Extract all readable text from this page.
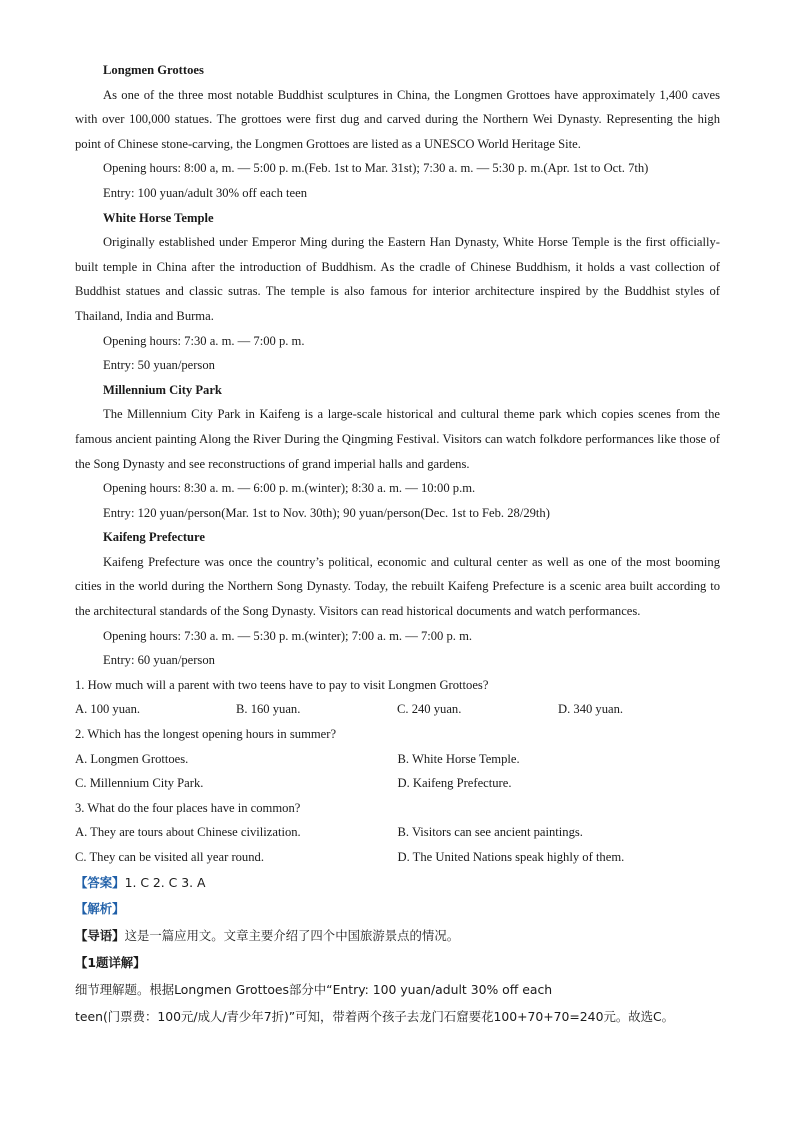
Longmen Grottoes

As one of the three most notable Buddhist sculptures in China, the Longmen Grottoes have approximately 1,400 caves with over 100,000 statues. The grottoes were first dug and carved during the Northern Wei Dynasty. Representing the high point of Chinese stone-carving, the Longmen Grottoes are listed as a UNESCO World Heritage Site.

Opening hours: 8:00 a, m. — 5:00 p. m.(Feb. 1st to Mar. 31st); 7:30 a. m. — 5:30 p. m.(Apr. 1st to Oct. 7th)

Entry: 100 yuan/adult 30% off each teen

White Horse Temple

Originally established under Emperor Ming during the Eastern Han Dynasty, White Horse Temple is the first officially-built temple in China after the introduction of Buddhism. As the cradle of Chinese Buddhism, it holds a vast collection of Buddhist statues and classic sutras. The temple is also famous for interior architecture inspired by the Buddhist styles of Thailand, India and Burma.

Opening hours: 7:30 a. m. — 7:00 p. m.

Entry: 50 yuan/person

Millennium City Park

The Millennium City Park in Kaifeng is a large-scale historical and cultural theme park which copies scenes from the famous ancient painting Along the River During the Qingming Festival. Visitors can watch folkdore performances like those of the Song Dynasty and see reconstructions of grand imperial halls and gardens.

Opening hours: 8:30 a. m. — 6:00 p. m.(winter); 8:30 a. m. — 10:00 p.m.

Entry: 120 yuan/person(Mar. 1st to Nov. 30th); 90 yuan/person(Dec. 1st to Feb. 28/29th)

Kaifeng Prefecture

Kaifeng Prefecture was once the country’s political, economic and cultural center as well as one of the most booming cities in the world during the Northern Song Dynasty. Today, the rebuilt Kaifeng Prefecture is a scenic area built according to the architectural standards of the Song Dynasty. Visitors can read historical documents and watch performances.

Opening hours: 7:30 a. m. — 5:30 p. m.(winter); 7:00 a. m. — 7:00 p. m.

Entry: 60 yuan/person

1. How much will a parent with two teens have to pay to visit Longmen Grottoes?

A. 100 yuan.	B. 160 yuan.	C. 240 yuan.	D. 340 yuan.

2. Which has the longest opening hours in summer?

A. Longmen Grottoes.	B. White Horse Temple.
C. Millennium City Park.	D. Kaifeng Prefecture.

3. What do the four places have in common?

A. They are tours about Chinese civilization.	B. Visitors can see ancient paintings.
C. They can be visited all year round.	D. The United Nations speak highly of them.

【答案】1. C 2. C 3. A

【解析】

【导语】这是一篇应用文。文章主要介绍了四个中国旅游景点的情况。

【1题详解】

细节理解题。根据Longmen Grottoes部分中“Entry: 100 yuan/adult 30% off each

teen(门票费：100元/成人/青少年7折)”可知，带着两个孩子去龙门石窟要花100+70+70=240元。故选C。
